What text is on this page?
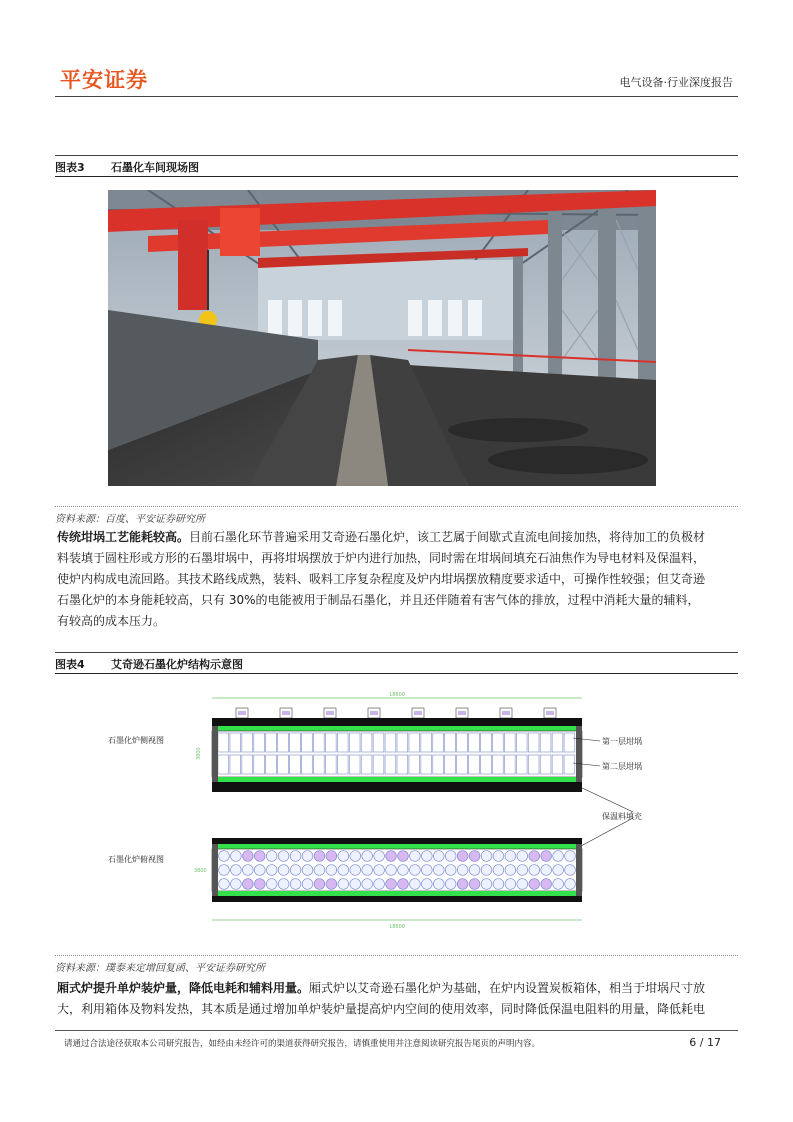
平安证券	电气设备·行业深度报告
图表3 石墨化车间现场图
资料来源：百度、平安证券研究所
传统坩埚工艺能耗较高。目前石墨化环节普遍采用艾奇逊石墨化炉，该工艺属于间歇式直流电间接加热，将待加工的负极材
料装填于圆柱形或方形的石墨坩埚中，再将坩埚摆放于炉内进行加热，同时需在坩埚间填充石油焦作为导电材料及保温料，
使炉内构成电流回路。其技术路线成熟，装料、吸料工序复杂程度及炉内坩埚摆放精度要求适中，可操作性较强；但艾奇逊
石墨化炉的本身能耗较高，只有 30%的电能被用于制品石墨化，并且还伴随着有害气体的排放，过程中消耗大量的辅料，
有较高的成本压力。
图表4 艾奇逊石墨化炉结构示意图
18600
3800
石墨化炉侧视图	第一层坩埚
第二层坩埚
保温料填充
石墨化炉俯视图
18600
3800
资料来源：璞泰来定增回复函、平安证券研究所
厢式炉提升单炉装炉量，降低电耗和辅料用量。厢式炉以艾奇逊石墨化炉为基础，在炉内设置炭板箱体，相当于坩埚尺寸放
大，利用箱体及物料发热，其本质是通过增加单炉装炉量提高炉内空间的使用效率，同时降低保温电阻料的用量，降低耗电
请通过合法途径获取本公司研究报告，如经由未经许可的渠道获得研究报告，请慎重使用并注意阅读研究报告尾页的声明内容。	6 / 17
